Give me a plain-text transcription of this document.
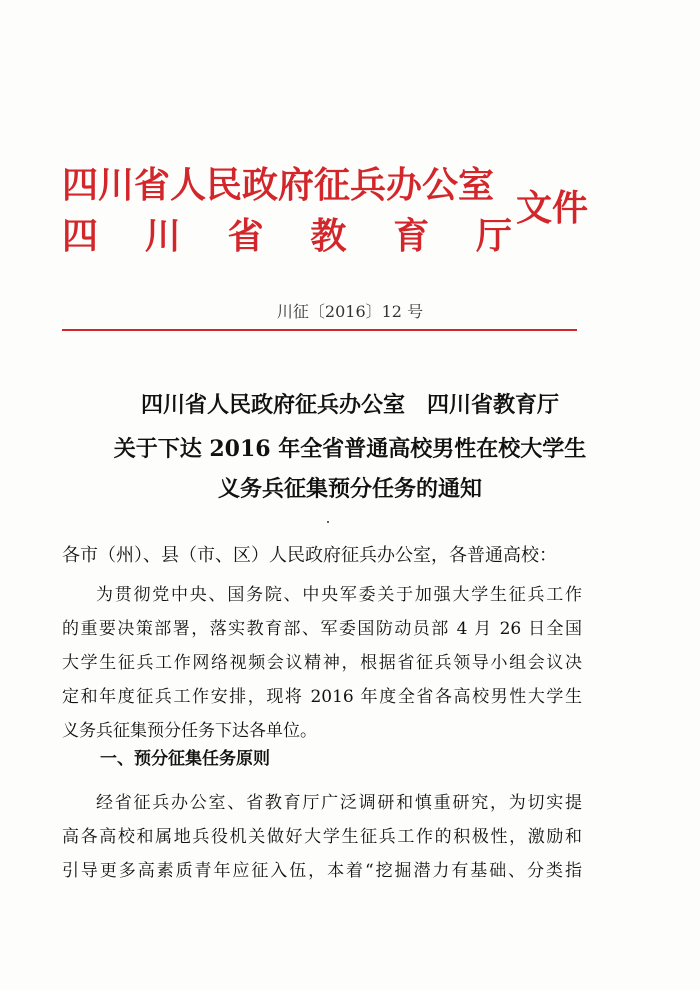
四川省人民政府征兵办公室
四 川 省 教 育 厅
文件
川征〔2016〕12 号
四川省人民政府征兵办公室　四川省教育厅
关于下达 2016 年全省普通高校男性在校大学生
义务兵征集预分任务的通知
各市（州）、县（市、区）人民政府征兵办公室，各普通高校：
为贯彻党中央、国务院、中央军委关于加强大学生征兵工作
的重要决策部署，落实教育部、军委国防动员部 4 月 26 日全国
大学生征兵工作网络视频会议精神，根据省征兵领导小组会议决
定和年度征兵工作安排，现将 2016 年度全省各高校男性大学生
义务兵征集预分任务下达各单位。
一、预分征集任务原则
经省征兵办公室、省教育厅广泛调研和慎重研究，为切实提
高各高校和属地兵役机关做好大学生征兵工作的积极性，激励和
引导更多高素质青年应征入伍，本着“挖掘潜力有基础、分类指
